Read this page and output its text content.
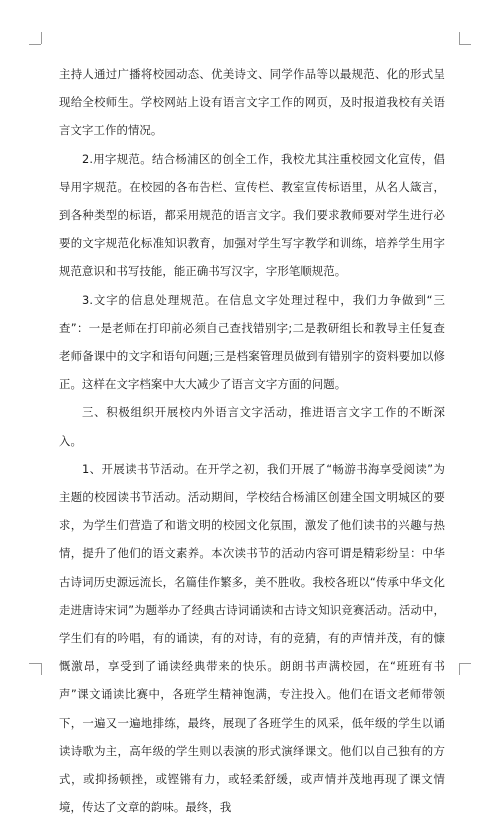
主持人通过广播将校园动态、优美诗文、同学作品等以最规范、化的形式呈现给全校师生。学校网站上设有语言文字工作的网页，及时报道我校有关语言文字工作的情况。

2.用字规范。结合杨浦区的创全工作，我校尤其注重校园文化宣传，倡导用字规范。在校园的各布告栏、宣传栏、教室宣传标语里，从名人箴言，到各种类型的标语，都采用规范的语言文字。我们要求教师要对学生进行必要的文字规范化标准知识教育，加强对学生写字教学和训练，培养学生用字规范意识和书写技能，能正确书写汉字，字形笔顺规范。

3.文字的信息处理规范。在信息文字处理过程中，我们力争做到“三查”：一是老师在打印前必须自己查找错别字;二是教研组长和教导主任复查老师备课中的文字和语句问题;三是档案管理员做到有错别字的资料要加以修正。这样在文字档案中大大减少了语言文字方面的问题。

三、积极组织开展校内外语言文字活动，推进语言文字工作的不断深入。

1、开展读书节活动。在开学之初，我们开展了“畅游书海享受阅读”为主题的校园读书节活动。活动期间，学校结合杨浦区创建全国文明城区的要求，为学生们营造了和谐文明的校园文化氛围，激发了他们读书的兴趣与热情，提升了他们的语文素养。本次读书节的活动内容可谓是精彩纷呈：中华古诗词历史源远流长，名篇佳作繁多，美不胜收。我校各班以“传承中华文化走进唐诗宋词”为题举办了经典古诗词诵读和古诗文知识竞赛活动。活动中，学生们有的吟唱，有的诵读，有的对诗，有的竞猜，有的声情并茂，有的慷慨激昂，享受到了诵读经典带来的快乐。朗朗书声满校园，在“班班有书声”课文诵读比赛中，各班学生精神饱满，专注投入。他们在语文老师带领下，一遍又一遍地排练，最终，展现了各班学生的风采，低年级的学生以诵读诗歌为主，高年级的学生则以表演的形式演绎课文。他们以自己独有的方式，或抑扬顿挫，或铿锵有力，或轻柔舒缓，或声情并茂地再现了课文情境，传达了文章的韵味。最终，我
